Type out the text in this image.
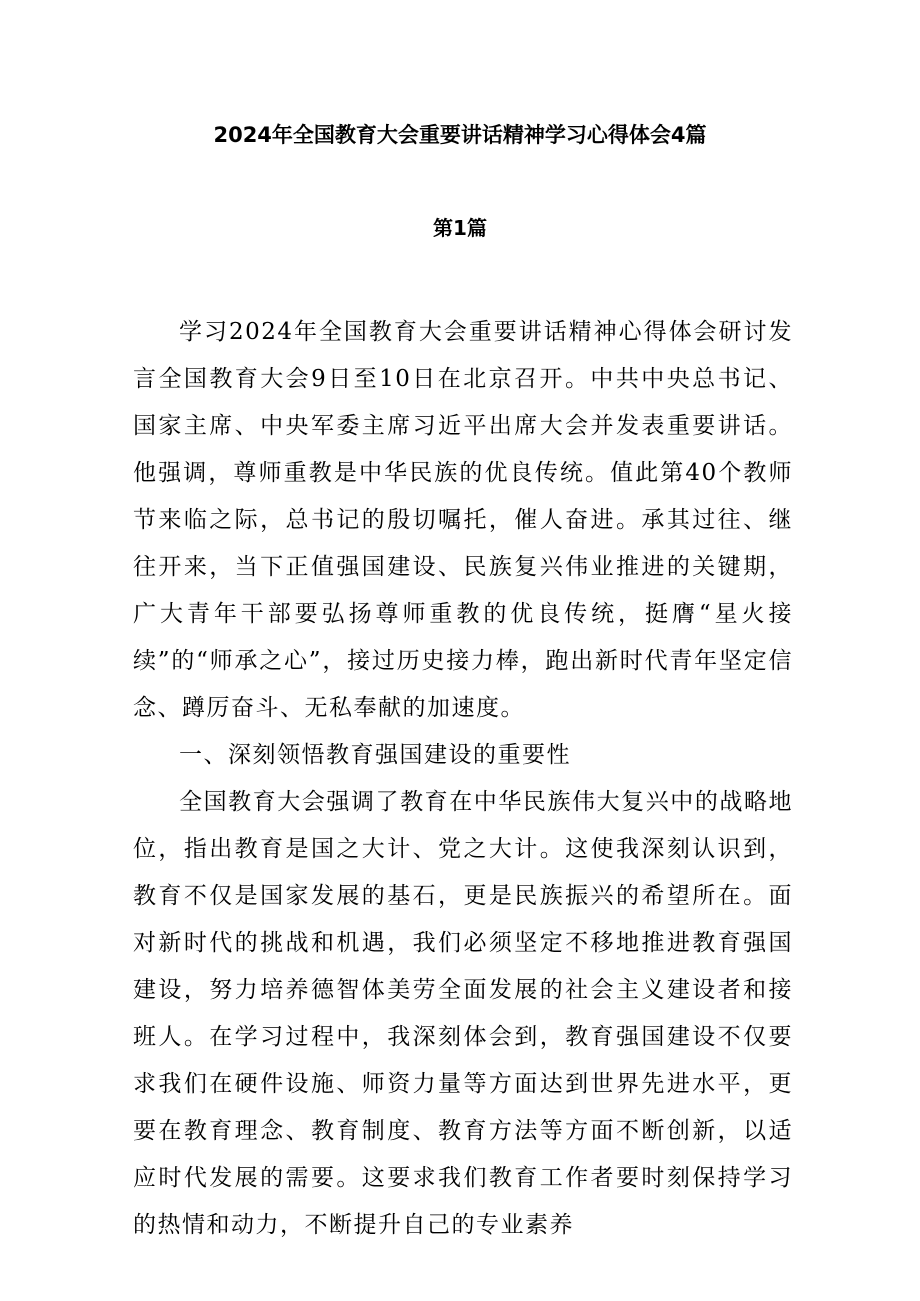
2024年全国教育大会重要讲话精神学习心得体会4篇
第1篇

学习2024年全国教育大会重要讲话精神心得体会研讨发言全国教育大会9日至10日在北京召开。中共中央总书记、国家主席、中央军委主席习近平出席大会并发表重要讲话。他强调，尊师重教是中华民族的优良传统。值此第40个教师节来临之际，总书记的殷切嘱托，催人奋进。承其过往、继往开来，当下正值强国建设、民族复兴伟业推进的关键期，广大青年干部要弘扬尊师重教的优良传统，挺膺“星火接续”的“师承之心”，接过历史接力棒，跑出新时代青年坚定信念、蹲厉奋斗、无私奉献的加速度。

一、深刻领悟教育强国建设的重要性

全国教育大会强调了教育在中华民族伟大复兴中的战略地位，指出教育是国之大计、党之大计。这使我深刻认识到，教育不仅是国家发展的基石，更是民族振兴的希望所在。面对新时代的挑战和机遇，我们必须坚定不移地推进教育强国建设，努力培养德智体美劳全面发展的社会主义建设者和接班人。在学习过程中，我深刻体会到，教育强国建设不仅要求我们在硬件设施、师资力量等方面达到世界先进水平，更要在教育理念、教育制度、教育方法等方面不断创新，以适应时代发展的需要。这要求我们教育工作者要时刻保持学习的热情和动力，不断提升自己的专业素养
